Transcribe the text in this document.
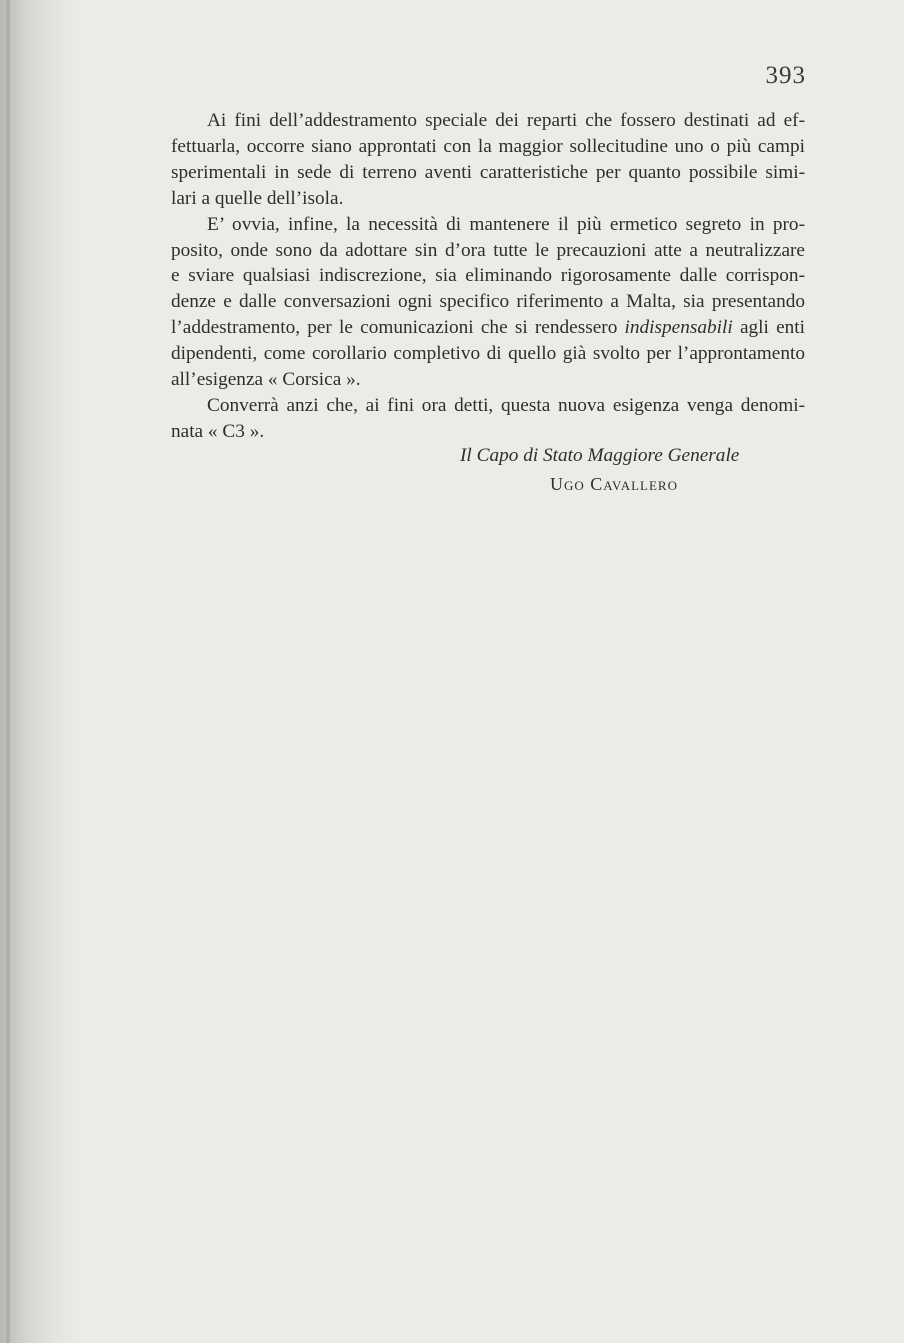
393

Ai fini dell’addestramento speciale dei reparti che fossero destinati ad ef-
fettuarla, occorre siano approntati con la maggior sollecitudine uno o più campi
sperimentali in sede di terreno aventi caratteristiche per quanto possibile simi-
lari a quelle dell’isola.

E’ ovvia, infine, la necessità di mantenere il più ermetico segreto in pro-
posito, onde sono da adottare sin d’ora tutte le precauzioni atte a neutralizzare
e sviare qualsiasi indiscrezione, sia eliminando rigorosamente dalle corrispon-
denze e dalle conversazioni ogni specifico riferimento a Malta, sia presentando
l’addestramento, per le comunicazioni che si rendessero indispensabili agli enti
dipendenti, come corollario completivo di quello già svolto per l’approntamento
all’esigenza « Corsica ».

Converrà anzi che, ai fini ora detti, questa nuova esigenza venga denomi-
nata « C3 ».

Il Capo di Stato Maggiore Generale
Ugo Cavallero
